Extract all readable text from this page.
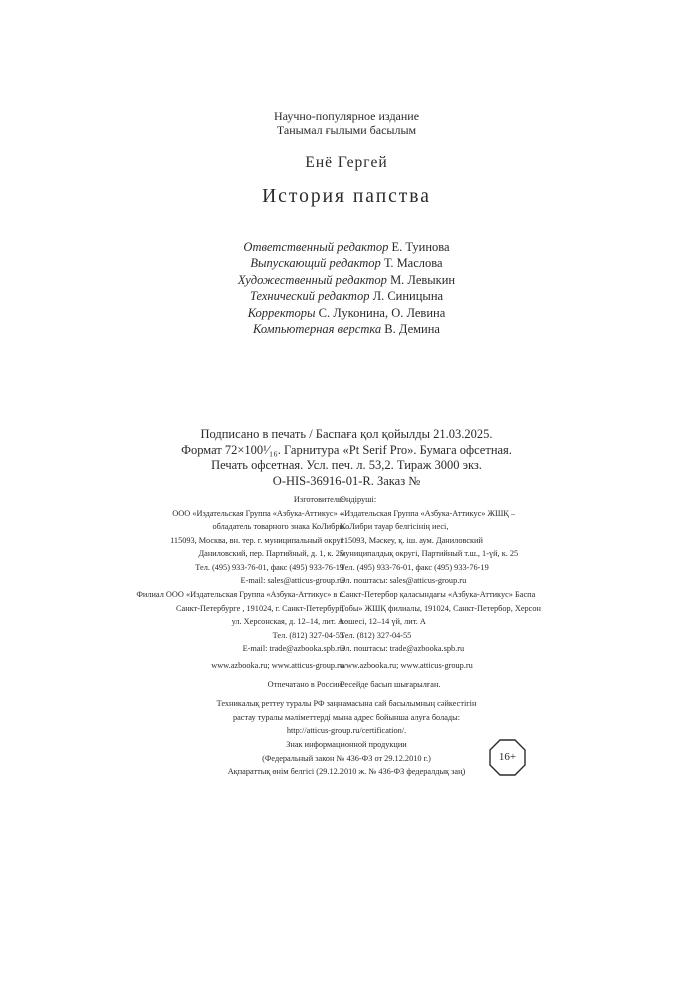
Научно-популярное издание
Танымал ғылыми басылым
Енё Гергей
История папства
Ответственный редактор Е. Туинова
Выпускающий редактор Т. Маслова
Художественный редактор М. Левыкин
Технический редактор Л. Синицына
Корректоры С. Луконина, О. Левина
Компьютерная верстка В. Демина
Подписано в печать / Баспаға қол қойылды 21.03.2025.
Формат 72×100¹⁄₁₆. Гарнитура «Pt Serif Pro». Бумага офсетная.
Печать офсетная. Усл. печ. л. 53,2. Тираж 3000 экз.
O-HIS-36916-01-R. Заказ №
Изготовитель:
ООО «Издательская Группа «Азбука-Аттикус» –
обладатель товарного знака КоЛибри
115093, Москва, вн. тер. г. муниципальный округ
Даниловский, пер. Партийный, д. 1, к. 25
Тел. (495) 933-76-01, факс (495) 933-76-19
E-mail: sales@atticus-group.ru
Өндіруші:
«Издательская Группа «Азбука-Аттикус» ЖШҚ –
КоЛибри тауар белгісінің иесі,
115093, Мәскеу, қ. іш. аум. Даниловский
муниципалдық округі, Партийный т.ш., 1-үй, к. 25
Тел. (495) 933-76-01, факс (495) 933-76-19
Эл. поштасы: sales@atticus-group.ru
Филиал ООО «Издательская Группа «Азбука-Аттикус» в г.
Санкт-Петербурге , 191024, г. Санкт-Петербург,
ул. Херсонская, д. 12–14, лит. А
Тел. (812) 327-04-55
E-mail: trade@azbooka.spb.ru
Санкт-Петербор қаласындағы «Азбука-Аттикус» Баспа
Тобы» ЖШҚ филиалы, 191024, Санкт-Петербор, Херсон
көшесі, 12–14 үй, лит. А
Тел. (812) 327-04-55
Эл. поштасы: trade@azbooka.spb.ru
www.azbooka.ru; www.atticus-group.ru
www.azbooka.ru; www.atticus-group.ru
Отпечатано в России.
Ресейде басып шығарылған.
Техникалық реттеу туралы РФ заңнамасына сай басылымның сәйкестігін
растау туралы мәліметтерді мына адрес бойынша алуға болады:
http://atticus-group.ru/certification/.
Знак информационной продукции
(Федеральный закон № 436-ФЗ от 29.12.2010 г.)
Ақпараттық өнім белгісі (29.12.2010 ж. № 436-ФЗ федералдық заң)
16+
